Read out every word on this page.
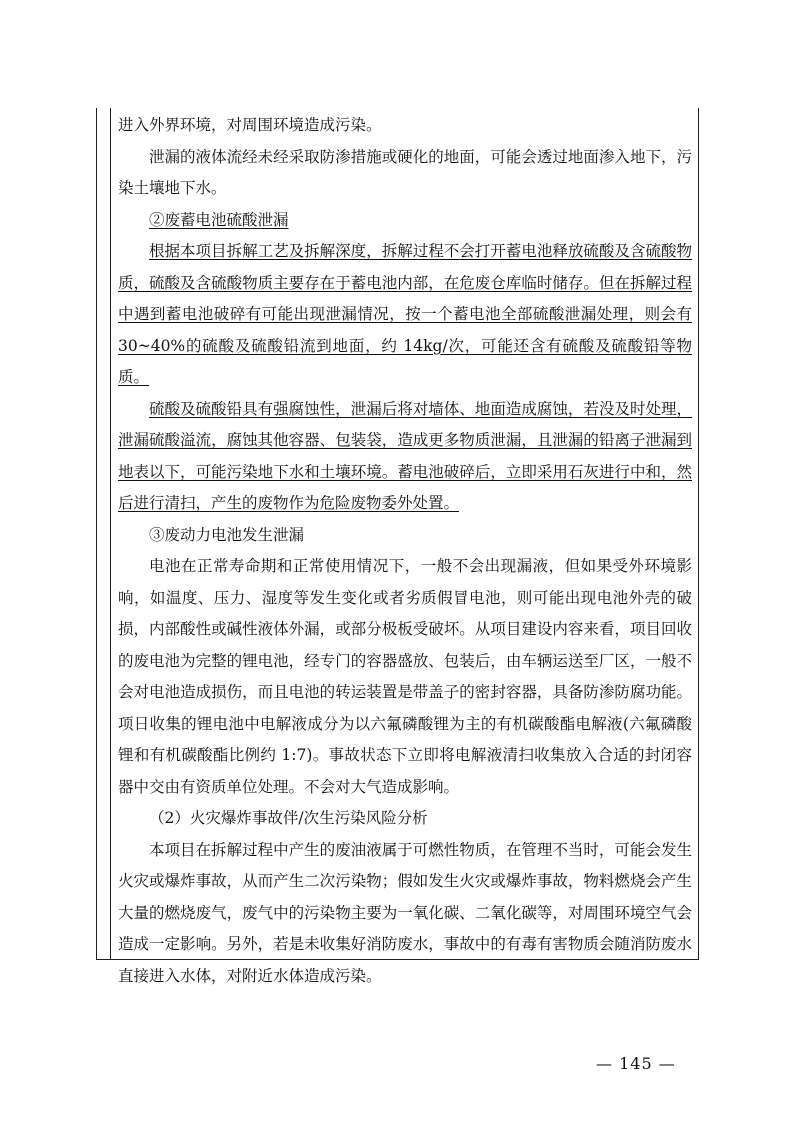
进入外界环境，对周围环境造成污染。

泄漏的液体流经未经采取防渗措施或硬化的地面，可能会透过地面渗入地下，污染土壤地下水。

②废蓄电池硫酸泄漏

根据本项目拆解工艺及拆解深度，拆解过程不会打开蓄电池释放硫酸及含硫酸物质，硫酸及含硫酸物质主要存在于蓄电池内部，在危废仓库临时储存。但在拆解过程中遇到蓄电池破碎有可能出现泄漏情况，按一个蓄电池全部硫酸泄漏处理，则会有 30~40%的硫酸及硫酸铅流到地面，约 14kg/次，可能还含有硫酸及硫酸铅等物质。

硫酸及硫酸铅具有强腐蚀性，泄漏后将对墙体、地面造成腐蚀，若没及时处理，泄漏硫酸溢流，腐蚀其他容器、包装袋，造成更多物质泄漏，且泄漏的铅离子泄漏到地表以下，可能污染地下水和土壤环境。蓄电池破碎后，立即采用石灰进行中和，然后进行清扫，产生的废物作为危险废物委外处置。

③废动力电池发生泄漏

电池在正常寿命期和正常使用情况下，一般不会出现漏液，但如果受外环境影响，如温度、压力、湿度等发生变化或者劣质假冒电池，则可能出现电池外壳的破损，内部酸性或碱性液体外漏，或部分极板受破坏。从项目建设内容来看，项目回收的废电池为完整的锂电池，经专门的容器盛放、包装后，由车辆运送至厂区，一般不会对电池造成损伤，而且电池的转运装置是带盖子的密封容器，具备防渗防腐功能。项日收集的锂电池中电解液成分为以六氟磷酸锂为主的有机碳酸酯电解液(六氟磷酸锂和有机碳酸酯比例约 1:7)。事故状态下立即将电解液清扫收集放入合适的封闭容器中交由有资质单位处理。不会对大气造成影响。

（2）火灾爆炸事故伴/次生污染风险分析

本项目在拆解过程中产生的废油液属于可燃性物质，在管理不当时，可能会发生火灾或爆炸事故，从而产生二次污染物；假如发生火灾或爆炸事故，物料燃烧会产生大量的燃烧废气，废气中的污染物主要为一氧化碳、二氧化碳等，对周围环境空气会造成一定影响。另外，若是未收集好消防废水，事故中的有毒有害物质会随消防废水直接进入水体，对附近水体造成污染。

— 145 —
